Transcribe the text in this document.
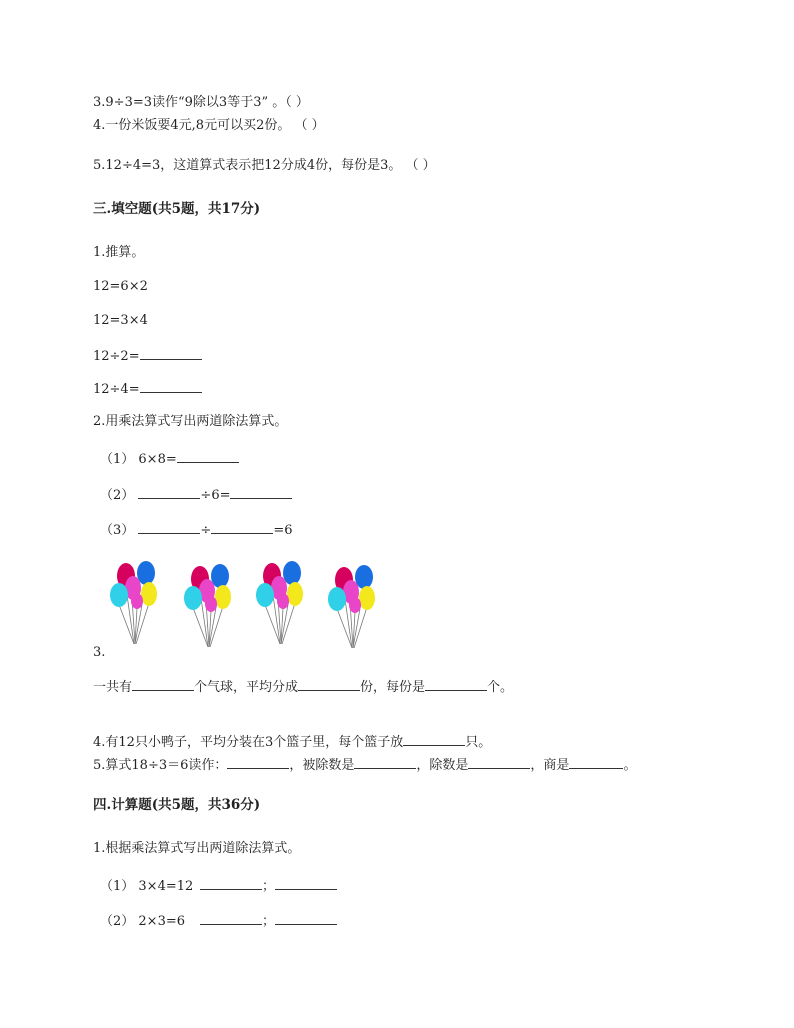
3.9÷3=3读作“9除以3等于3” 。（ ）
4.一份米饭要4元,8元可以买2份。 （ ）
5.12÷4=3，这道算式表示把12分成4份，每份是3。 （ ）
三.填空题(共5题，共17分)
1.推算。
12=6×2
12=3×4
12÷2=
12÷4=
2.用乘法算式写出两道除法算式。
（1） 6×8=
（2）	÷6=
（3）	÷	=6
3.
一共有	个气球，平均分成	份，每份是	个。
4.有12只小鸭子，平均分装在3个篮子里，每个篮子放	只。
5.算式18÷3＝6读作：	，被除数是	，除数是	，商是	。
四.计算题(共5题，共36分)
1.根据乘法算式写出两道除法算式。
（1） 3×4=12	；
（2） 2×3=6	；
